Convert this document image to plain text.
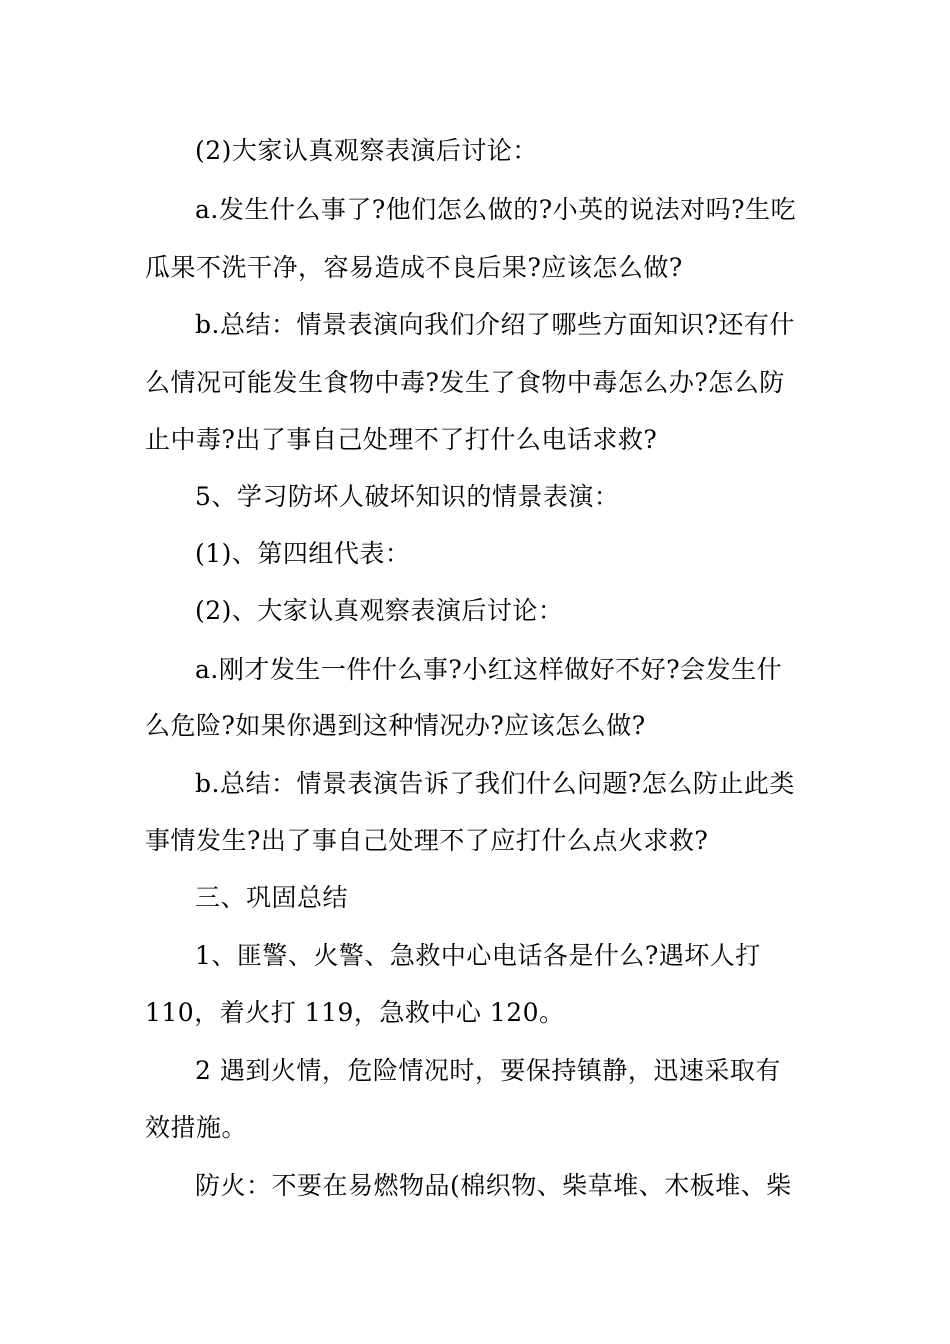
(2)大家认真观察表演后讨论：
a.发生什么事了?他们怎么做的?小英的说法对吗?生吃
瓜果不洗干净，容易造成不良后果?应该怎么做?
b.总结：情景表演向我们介绍了哪些方面知识?还有什
么情况可能发生食物中毒?发生了食物中毒怎么办?怎么防
止中毒?出了事自己处理不了打什么电话求救?
5、学习防坏人破坏知识的情景表演：
(1)、第四组代表：
(2)、大家认真观察表演后讨论：
a.刚才发生一件什么事?小红这样做好不好?会发生什
么危险?如果你遇到这种情况办?应该怎么做?
b.总结：情景表演告诉了我们什么问题?怎么防止此类
事情发生?出了事自己处理不了应打什么点火求救?
三、巩固总结
1、匪警、火警、急救中心电话各是什么?遇坏人打
110，着火打 119，急救中心 120。
2 遇到火情，危险情况时，要保持镇静，迅速采取有
效措施。
防火：不要在易燃物品(棉织物、柴草堆、木板堆、柴
